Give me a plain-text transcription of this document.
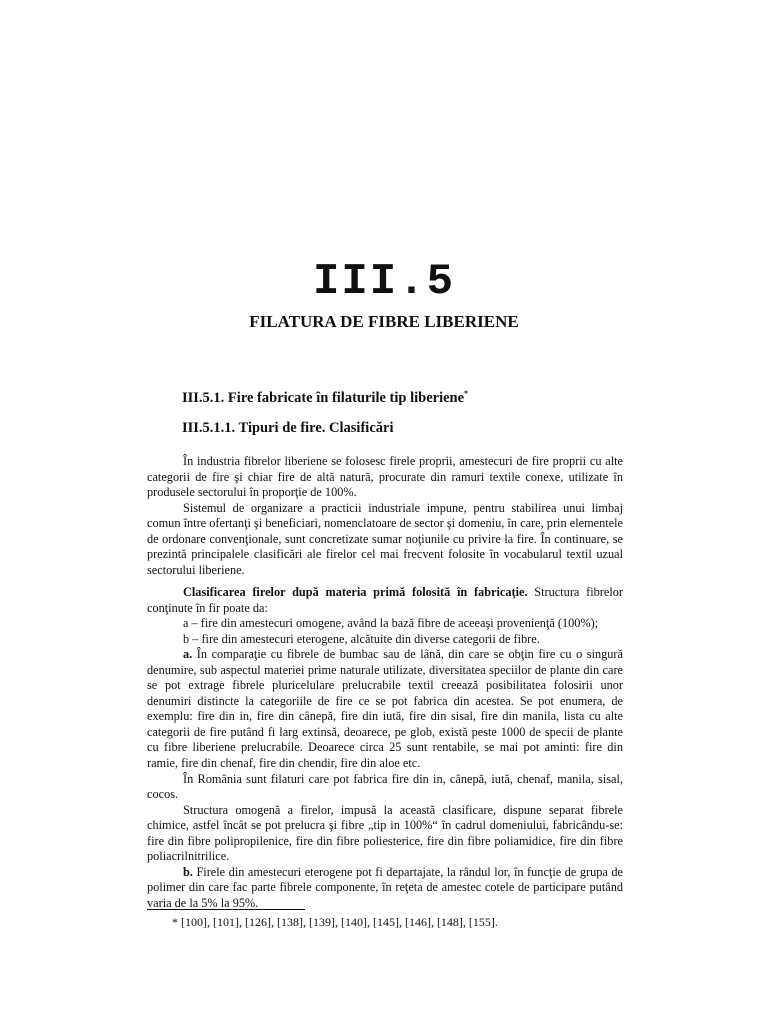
III.5
FILATURA DE FIBRE LIBERIENE
III.5.1. Fire fabricate în filaturile tip liberiene*
III.5.1.1. Tipuri de fire. Clasificări

În industria fibrelor liberiene se folosesc firele proprii, amestecuri de fire proprii cu alte categorii de fire şi chiar fire de altă natură, procurate din ramuri textile conexe, utilizate în produsele sectorului în proporţie de 100%.

Sistemul de organizare a practicii industriale impune, pentru stabilirea unui limbaj comun între ofertanţi şi beneficiari, nomenclatoare de sector şi domeniu, în care, prin elementele de ordonare convenţionale, sunt concretizate sumar noţiunile cu privire la fire. În continuare, se prezintă principalele clasificări ale firelor cel mai frecvent folosite în vocabularul textil uzual sectorului liberiene.

Clasificarea firelor după materia primă folosită în fabricaţie. Structura fibrelor conţinute în fir poate da:

a – fire din amestecuri omogene, având la bază fibre de aceeaşi provenienţă (100%);

b – fire din amestecuri eterogene, alcătuite din diverse categorii de fibre.

a. În comparaţie cu fibrele de bumbac sau de lână, din care se obţin fire cu o singură denumire, sub aspectul materiei prime naturale utilizate, diversitatea speciilor de plante din care se pot extrage fibrele pluricelulare prelucrabile textil creează posibilitatea folosirii unor denumiri distincte la categoriile de fire ce se pot fabrica din acestea. Se pot enumera, de exemplu: fire din in, fire din cânepă, fire din iută, fire din sisal, fire din manila, lista cu alte categorii de fire putând fi larg extinsă, deoarece, pe glob, există peste 1000 de specii de plante cu fibre liberiene prelucrabile. Deoarece circa 25 sunt rentabile, se mai pot aminti: fire din ramie, fire din chenaf, fire din chendir, fire din aloe etc.

În România sunt filaturi care pot fabrica fire din in, cânepă, iută, chenaf, manila, sisal, cocos.

Structura omogenă a firelor, impusă la această clasificare, dispune separat fibrele chimice, astfel încât se pot prelucra şi fibre „tip in 100%“ în cadrul domeniului, fabricându-se: fire din fibre polipropilenice, fire din fibre poliesterice, fire din fibre poliamidice, fire din fibre poliacrilnitrilice.

b. Firele din amestecuri eterogene pot fi departajate, la rândul lor, în funcţie de grupa de polimer din care fac parte fibrele componente, în reţeta de amestec cotele de participare putând varia de la 5% la 95%.

* [100], [101], [126], [138], [139], [140], [145], [146], [148], [155].
